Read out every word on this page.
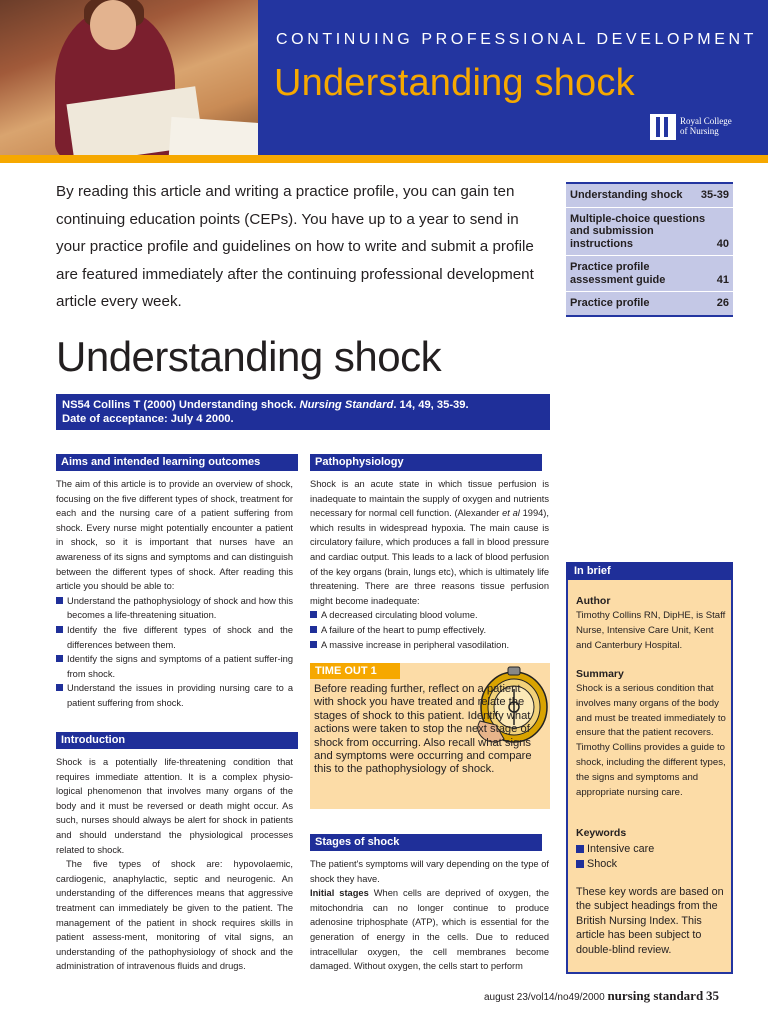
CONTINUING PROFESSIONAL DEVELOPMENT
Understanding shock
Royal College of Nursing
By reading this article and writing a practice profile, you can gain ten continuing education points (CEPs). You have up to a year to send in your practice profile and guidelines on how to write and submit a profile are featured immediately after the continuing professional development article every week.
Understanding shock	35-39
Multiple-choice questions and submission instructions	40
Practice profile assessment guide	41
Practice profile	26
Understanding shock
NS54 Collins T (2000) Understanding shock. Nursing Standard. 14, 49, 35-39.
Date of acceptance: July 4 2000.
Aims and intended learning outcomes

The aim of this article is to provide an overview of shock, focusing on the five different types of shock, treatment for each and the nursing care of a patient suffering from shock. Every nurse might potentially encounter a patient in shock, so it is important that nurses have an awareness of its signs and symptoms and can distinguish between the different types of shock. After reading this article you should be able to:

Understand the pathophysiology of shock and how this becomes a life-threatening situation.
Identify the five different types of shock and the differences between them.
Identify the signs and symptoms of a patient suffer-ing from shock.
Understand the issues in providing nursing care to a patient suffering from shock.
Introduction

Shock is a potentially life-threatening condition that requires immediate attention. It is a complex physio-logical phenomenon that involves many organs of the body and it must be reversed or death might occur. As such, nurses should always be alert for shock in patients and should understand the physiological processes related to shock.

The five types of shock are: hypovolaemic, cardiogenic, anaphylactic, septic and neurogenic. An understanding of the differences means that aggressive treatment can immediately be given to the patient. The management of the patient in shock requires skills in patient assess-ment, monitoring of vital signs, an understanding of the pathophysiology of shock and the administration of intravenous fluids and drugs.

Pathophysiology

Shock is an acute state in which tissue perfusion is inadequate to maintain the supply of oxygen and nutrients necessary for normal cell function. (Alexander et al 1994), which results in widespread hypoxia. The main cause is circulatory failure, which produces a fall in blood pressure and cardiac output. This leads to a lack of blood perfusion of the key organs (brain, lungs etc), which is ultimately life threatening. There are three reasons tissue perfusion might become inadequate:

A decreased circulating blood volume.
A failure of the heart to pump effectively.
A massive increase in peripheral vasodilation.
TIME OUT 1
Before reading further, reflect on a patient with shock you have treated and relate the stages of shock to this patient. Identify what actions were taken to stop the next stage of shock from occurring. Also recall what signs and symptoms were occurring and compare this to the pathophysiology of shock.
Stages of shock

The patient's symptoms will vary depending on the type of shock they have.

Initial stages When cells are deprived of oxygen, the mitochondria can no longer continue to produce adenosine triphosphate (ATP), which is essential for the generation of energy in the cells. Due to reduced intracellular oxygen, the cell membranes become damaged. Without oxygen, the cells start to perform

In brief
Author
Timothy Collins RN, DipHE, is Staff Nurse, Intensive Care Unit, Kent and Canterbury Hospital.
Summary
Shock is a serious condition that involves many organs of the body and must be treated immediately to ensure that the patient recovers. Timothy Collins provides a guide to shock, including the different types, the signs and symptoms and appropriate nursing care.
Keywords
Intensive care
Shock
These key words are based on the subject headings from the British Nursing Index. This article has been subject to double-blind review.
august 23/vol14/no49/2000 nursing standard 35
